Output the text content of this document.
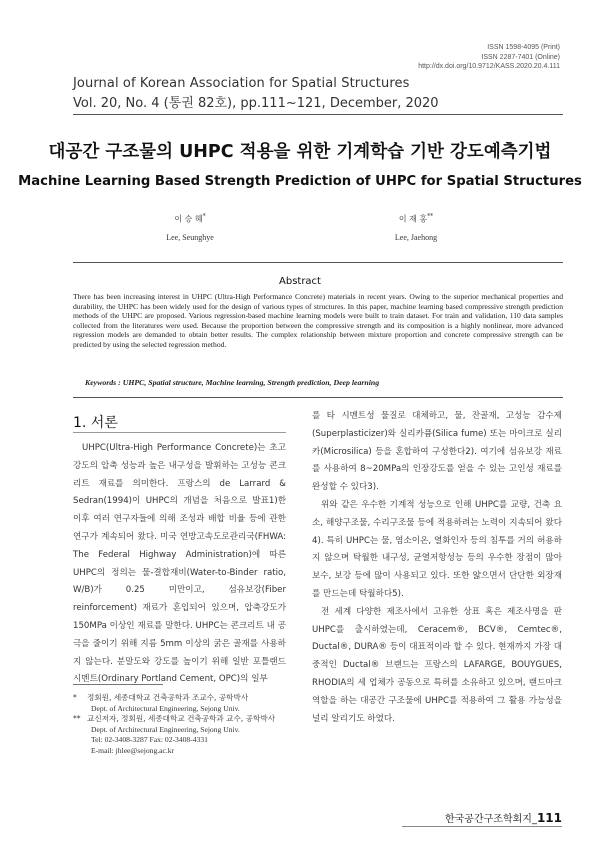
ISSN 1598-4095 (Print)
ISSN 2287-7401 (Online)
http://dx.doi.org/10.9712/KASS.2020.20.4.111
Journal of Korean Association for Spatial Structures
Vol. 20, No. 4 (통권 82호), pp.111~121, December, 2020
대공간 구조물의 UHPC 적용을 위한 기계학습 기반 강도예측기법
Machine Learning Based Strength Prediction of UHPC for Spatial Structures
이 승 혜*
Lee, Seunghye
이 재 홍**
Lee, Jaehong
Abstract
There has been increasing interest in UHPC (Ultra-High Performance Concrete) materials in recent years. Owing to the superior mechanical properties and durability, the UHPC has been widely used for the design of various types of structures. In this paper, machine learning based compressive strength prediction methods of the UHPC are proposed. Various regression-based machine learning models were built to train dataset. For train and validation, 110 data samples collected from the literatures were used. Because the proportion between the compressive strength and its composition is a highly nonlinear, more advanced regression models are demanded to obtain better results. The complex relationship between mixture proportion and concrete compressive strength can be predicted by using the selected regression method.
Keywords : UHPC, Spatial structure, Machine learning, Strength prediction, Deep learning
1. 서론

UHPC(Ultra-High Performance Concrete)는 초고강도의 압축 성능과 높은 내구성을 발휘하는 고성능 콘크리트 재료를 의미한다. 프랑스의 de Larrard & Sedran(1994)이 UHPC의 개념을 처음으로 발표1)한 이후 여러 연구자들에 의해 조성과 배합 비율 등에 관한 연구가 계속되어 왔다. 미국 연방고속도로관리국(FHWA: The Federal Highway Administration)에 따른 UHPC의 정의는 물-결합재비(Water-to-Binder ratio, W/B)가 0.25 미만이고, 섬유보강(Fiber reinforcement) 재료가 혼입되어 있으며, 압축강도가 150MPa 이상인 재료를 말한다. UHPC는 콘크리트 내 공극을 줄이기 위해 지름 5mm 이상의 굵은 골재를 사용하지 않는다. 분말도와 강도를 높이기 위해 일반 포틀랜드 시멘트(Ordinary Portland Cement, OPC)의 일부

를 타 시멘트성 물질로 대체하고, 물, 잔골재, 고성능 감수제(Superplasticizer)와 실리카퓸(Silica fume) 또는 마이크로 실리카(Microsilica) 등을 혼합하여 구성한다2). 여기에 섬유보강 재료를 사용하여 8~20MPa의 인장강도를 얻을 수 있는 고인성 재료를 완성할 수 있다3).

위와 같은 우수한 기계적 성능으로 인해 UHPC를 교량, 건축 요소, 해양구조물, 수리구조물 등에 적용하려는 노력이 지속되어 왔다4). 특히 UHPC는 물, 염소이온, 열화인자 등의 침투를 거의 허용하지 않으며 탁월한 내구성, 균열저항성능 등의 우수한 장점이 많아 보수, 보강 등에 많이 사용되고 있다. 또한 얇으면서 단단한 외장재를 만드는데 탁월하다5).

전 세계 다양한 제조사에서 고유한 상표 혹은 제조사명을 판 UHPC를 출시하였는데, Ceracem®, BCV®, Cemtec®, Ductal®, DURA® 등이 대표적이라 할 수 있다. 현재까지 가장 대중적인 Ductal® 브랜드는 프랑스의 LAFARGE, BOUYGUES, RHODIA의 세 업체가 공동으로 특허를 소유하고 있으며, 랜드마크 역할을 하는 대공간 구조물에 UHPC를 적용하여 그 활용 가능성을 널리 알리기도 하였다.

* 정회원, 세종대학교 건축공학과 조교수, 공학박사
Dept. of Architectural Engineering, Sejong Univ.
** 교신저자, 정회원, 세종대학교 건축공학과 교수, 공학박사
Dept. of Architectural Engineering, Sejong Univ.
Tel: 02-3408-3287 Fax: 02-3408-4331
E-mail: jhlee@sejong.ac.kr
한국공간구조학회지_111
